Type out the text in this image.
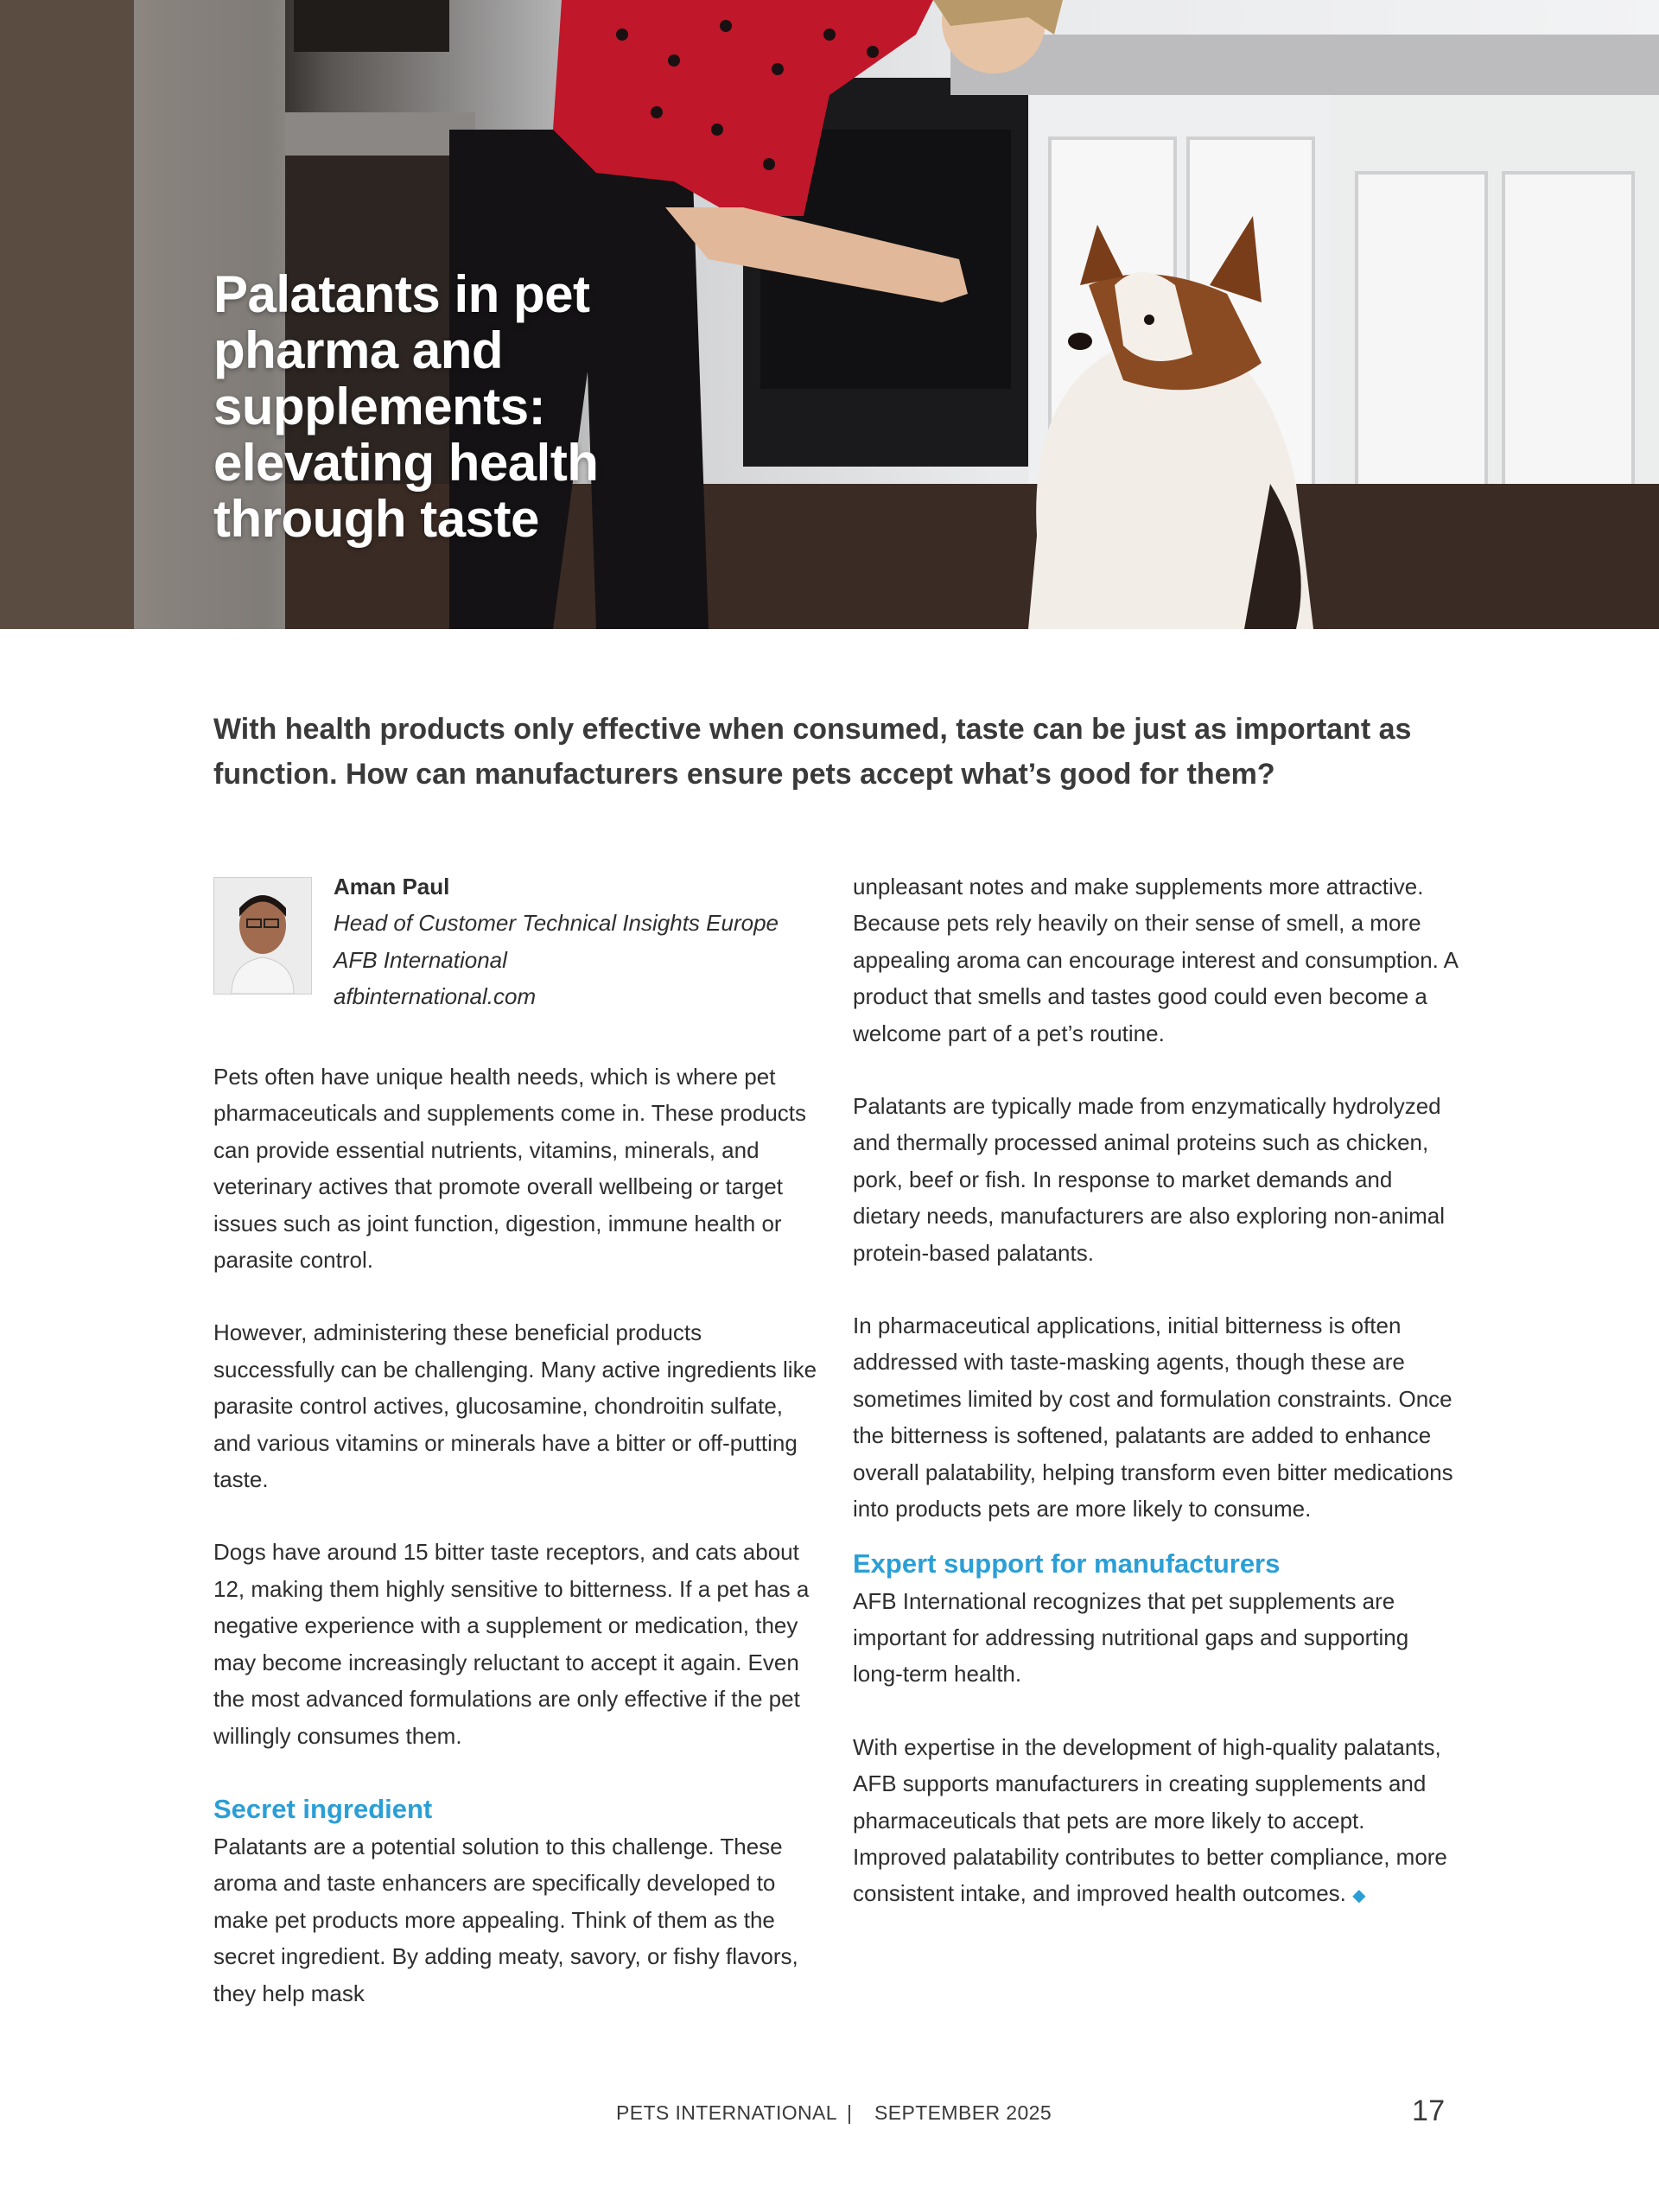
Palatants in pet pharma and supplements: elevating health through taste

With health products only effective when consumed, taste can be just as important as function. How can manufacturers ensure pets accept what’s good for them?

Aman Paul
Head of Customer Technical Insights Europe
AFB International
afbinternational.com

Pets often have unique health needs, which is where pet pharmaceuticals and supplements come in. These products can provide essential nutrients, vitamins, minerals, and veterinary actives that promote overall wellbeing or target issues such as joint function, digestion, immune health or parasite control.

However, administering these beneficial products successfully can be challenging. Many active ingredients like parasite control actives, glucosamine, chondroitin sulfate, and various vitamins or minerals have a bitter or off-putting taste.

Dogs have around 15 bitter taste receptors, and cats about 12, making them highly sensitive to bitterness. If a pet has a negative experience with a supplement or medication, they may become increasingly reluctant to accept it again. Even the most advanced formulations are only effective if the pet willingly consumes them.

Secret ingredient

Palatants are a potential solution to this challenge. These aroma and taste enhancers are specifically developed to make pet products more appealing. Think of them as the secret ingredient. By adding meaty, savory, or fishy flavors, they help mask

unpleasant notes and make supplements more attractive. Because pets rely heavily on their sense of smell, a more appealing aroma can encourage interest and consumption. A product that smells and tastes good could even become a welcome part of a pet’s routine.

Palatants are typically made from enzymatically hydrolyzed and thermally processed animal proteins such as chicken, pork, beef or fish. In response to market demands and dietary needs, manufacturers are also exploring non-animal protein-based palatants.

In pharmaceutical applications, initial bitterness is often addressed with taste-masking agents, though these are sometimes limited by cost and formulation constraints. Once the bitterness is softened, palatants are added to enhance overall palatability, helping transform even bitter medications into products pets are more likely to consume.

Expert support for manufacturers

AFB International recognizes that pet supplements are important for addressing nutritional gaps and supporting long-term health.

With expertise in the development of high-quality palatants, AFB supports manufacturers in creating supplements and pharmaceuticals that pets are more likely to accept. Improved palatability contributes to better compliance, more consistent intake, and improved health outcomes. ◆

PETS INTERNATIONAL | SEPTEMBER 2025	17
